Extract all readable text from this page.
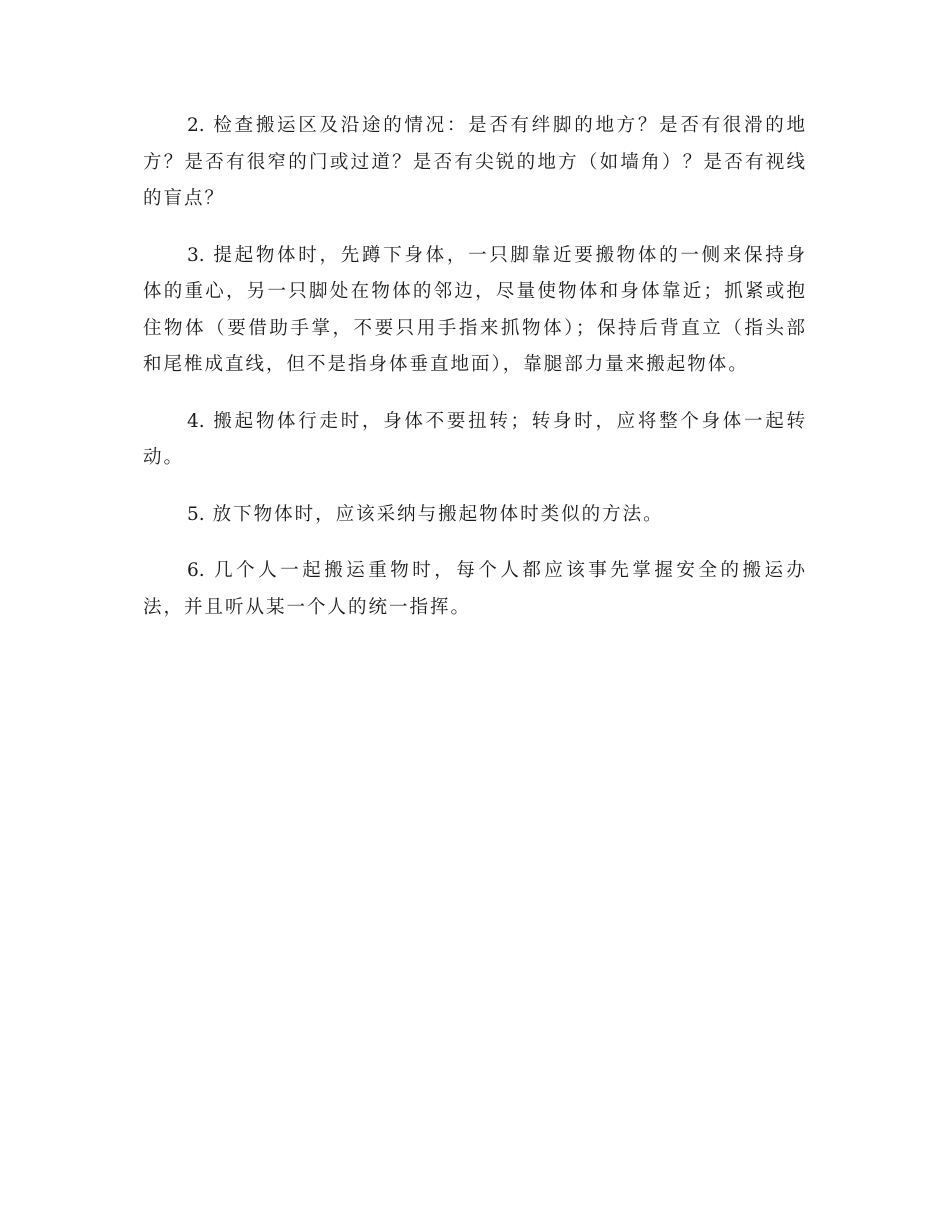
2. 检查搬运区及沿途的情况：是否有绊脚的地方？是否有很滑的地方？是否有很窄的门或过道？是否有尖锐的地方（如墙角）？是否有视线的盲点？

3. 提起物体时，先蹲下身体，一只脚靠近要搬物体的一侧来保持身体的重心，另一只脚处在物体的邻边，尽量使物体和身体靠近；抓紧或抱住物体（要借助手掌，不要只用手指来抓物体）；保持后背直立（指头部和尾椎成直线，但不是指身体垂直地面），靠腿部力量来搬起物体。

4. 搬起物体行走时，身体不要扭转；转身时，应将整个身体一起转动。

5. 放下物体时，应该采纳与搬起物体时类似的方法。

6. 几个人一起搬运重物时，每个人都应该事先掌握安全的搬运办法，并且听从某一个人的统一指挥。
